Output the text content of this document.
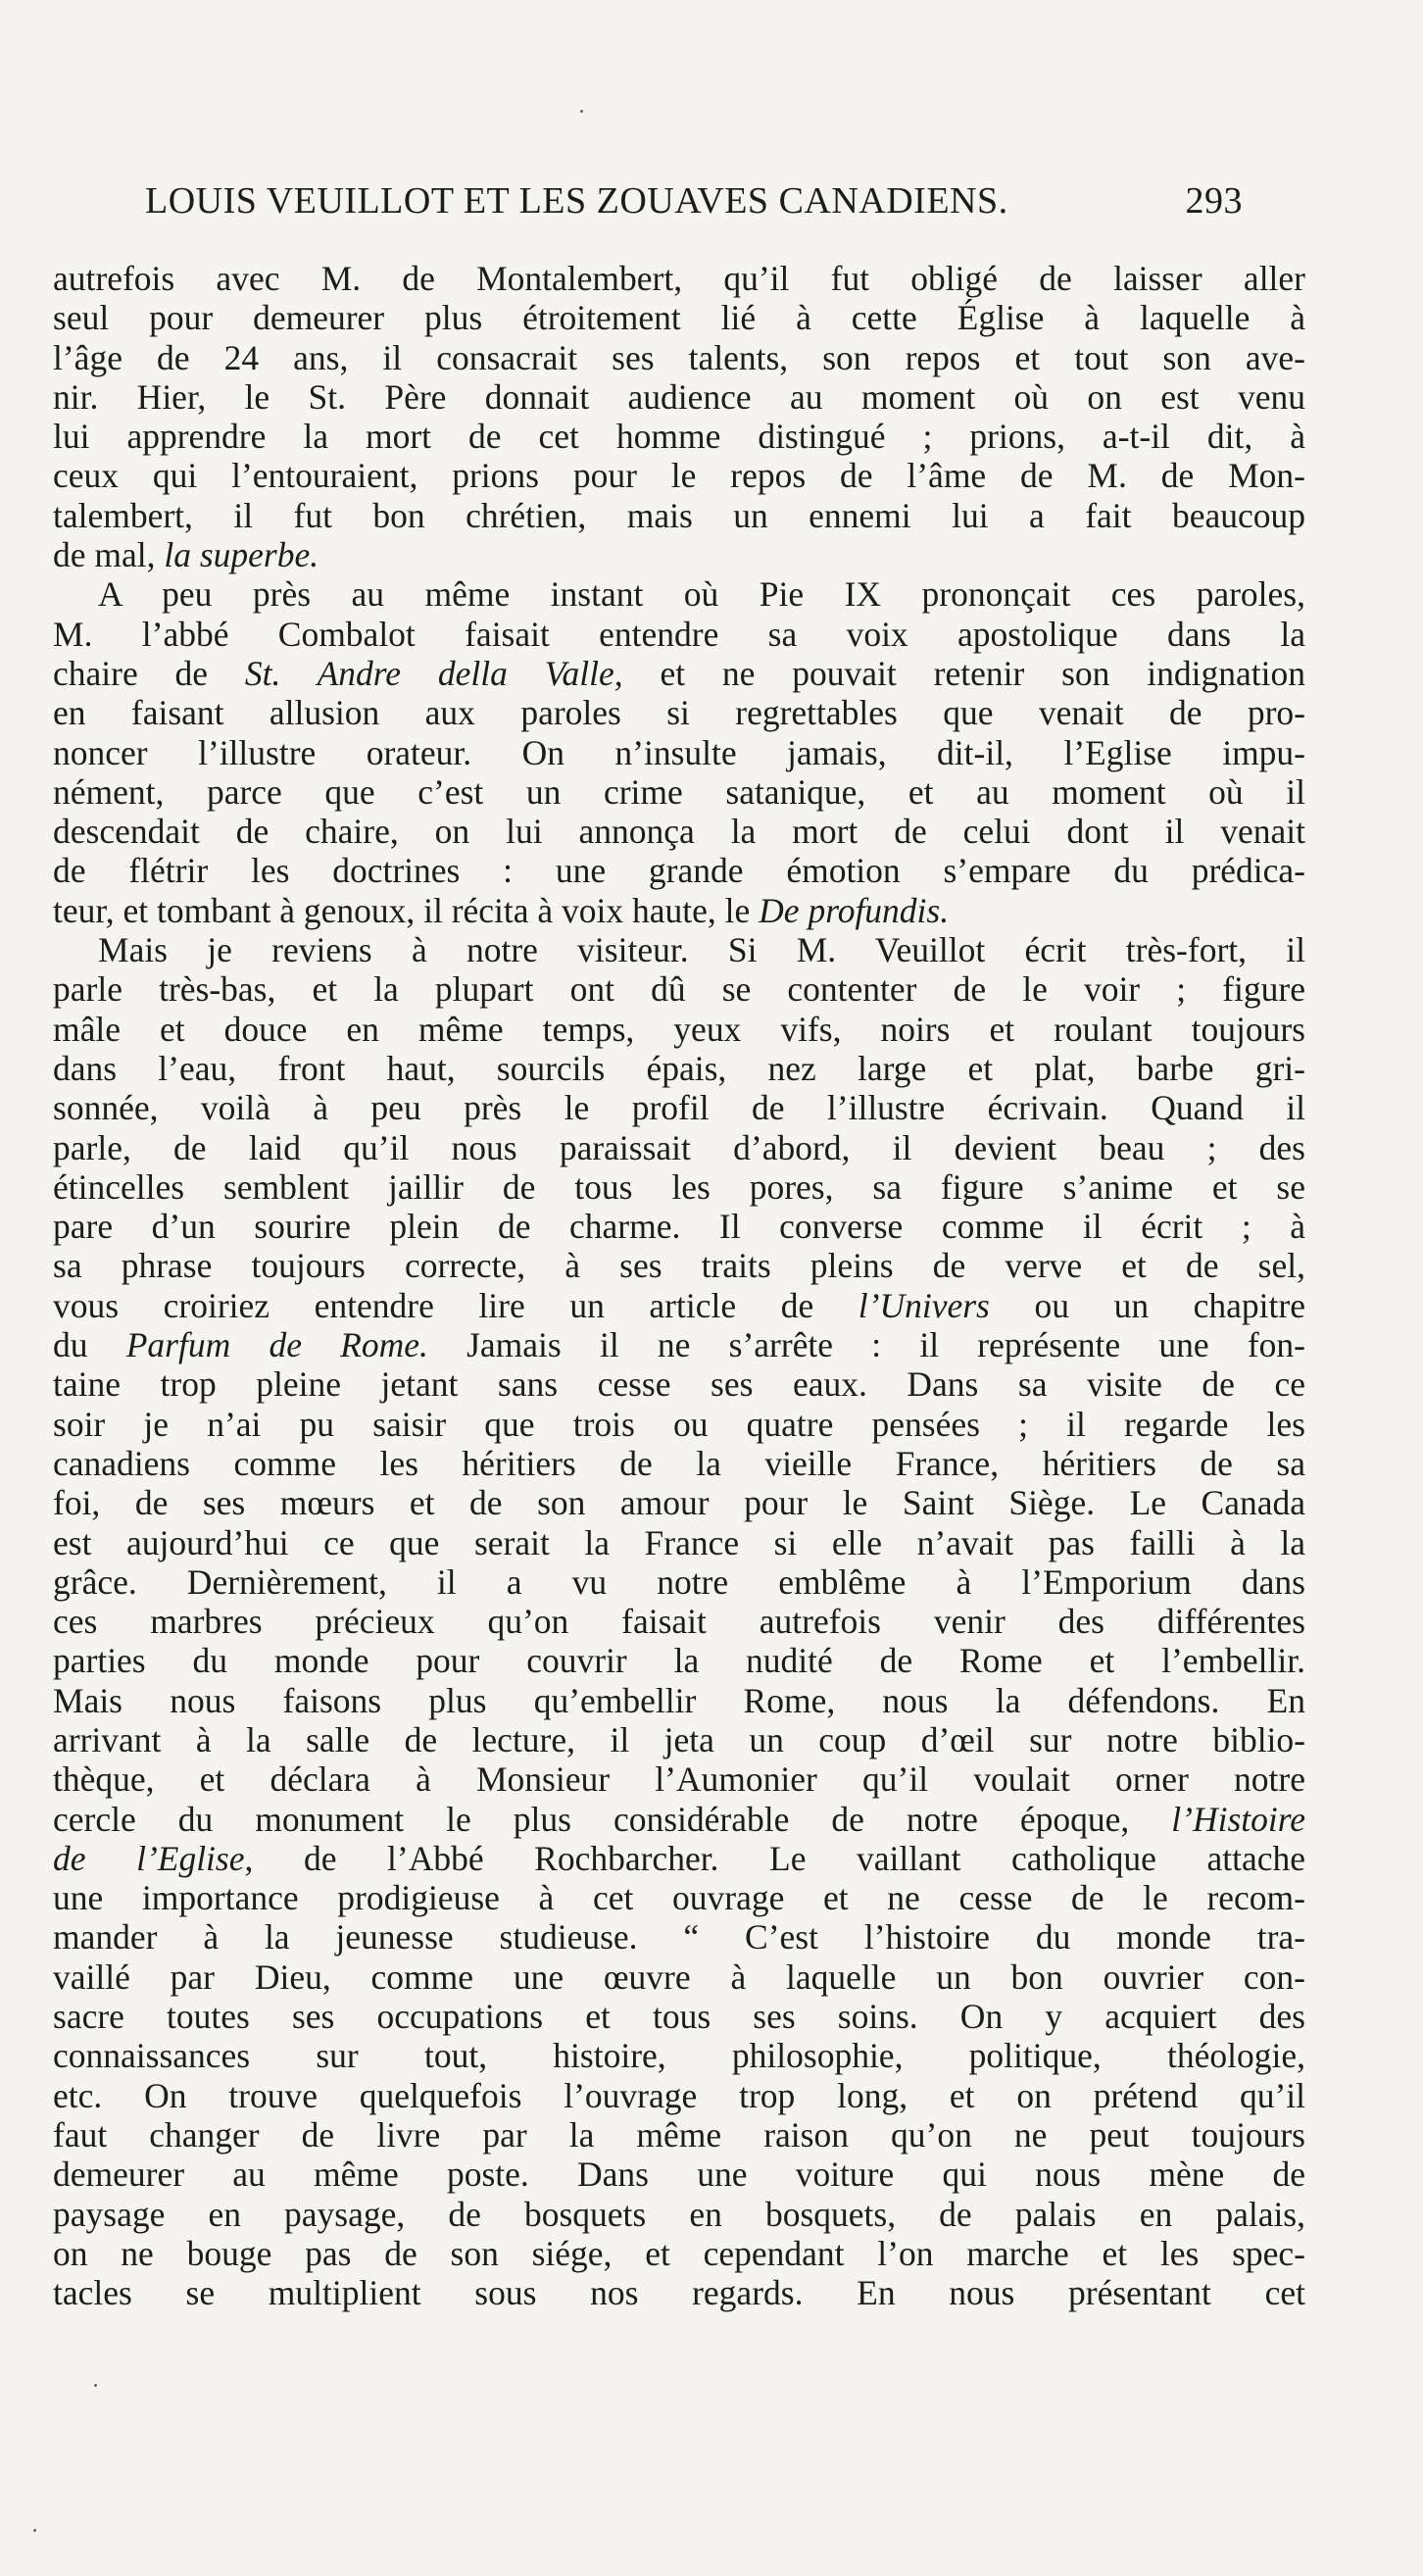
LOUIS VEUILLOT ET LES ZOUAVES CANADIENS.	293
autrefois avec M. de Montalembert, qu’il fut obligé de laisser aller
seul pour demeurer plus étroitement lié à cette Église à laquelle à
l’âge de 24 ans, il consacrait ses talents, son repos et tout son ave-
nir. Hier, le St. Père donnait audience au moment où on est venu
lui apprendre la mort de cet homme distingué ; prions, a-t-il dit, à
ceux qui l’entouraient, prions pour le repos de l’âme de M. de Mon-
talembert, il fut bon chrétien, mais un ennemi lui a fait beaucoup
de mal, la superbe.
A peu près au même instant où Pie IX prononçait ces paroles,
M. l’abbé Combalot faisait entendre sa voix apostolique dans la
chaire de St. Andre della Valle, et ne pouvait retenir son indignation
en faisant allusion aux paroles si regrettables que venait de pro-
noncer l’illustre orateur. On n’insulte jamais, dit-il, l’Eglise impu-
nément, parce que c’est un crime satanique, et au moment où il
descendait de chaire, on lui annonça la mort de celui dont il venait
de flétrir les doctrines : une grande émotion s’empare du prédica-
teur, et tombant à genoux, il récita à voix haute, le De profundis.
Mais je reviens à notre visiteur. Si M. Veuillot écrit très-fort, il
parle très-bas, et la plupart ont dû se contenter de le voir ; figure
mâle et douce en même temps, yeux vifs, noirs et roulant toujours
dans l’eau, front haut, sourcils épais, nez large et plat, barbe gri-
sonnée, voilà à peu près le profil de l’illustre écrivain. Quand il
parle, de laid qu’il nous paraissait d’abord, il devient beau ; des
étincelles semblent jaillir de tous les pores, sa figure s’anime et se
pare d’un sourire plein de charme. Il converse comme il écrit ; à
sa phrase toujours correcte, à ses traits pleins de verve et de sel,
vous croiriez entendre lire un article de l’Univers ou un chapitre
du Parfum de Rome. Jamais il ne s’arrête : il représente une fon-
taine trop pleine jetant sans cesse ses eaux. Dans sa visite de ce
soir je n’ai pu saisir que trois ou quatre pensées ; il regarde les
canadiens comme les héritiers de la vieille France, héritiers de sa
foi, de ses mœurs et de son amour pour le Saint Siège. Le Canada
est aujourd’hui ce que serait la France si elle n’avait pas failli à la
grâce. Dernièrement, il a vu notre emblême à l’Emporium dans
ces marbres précieux qu’on faisait autrefois venir des différentes
parties du monde pour couvrir la nudité de Rome et l’embellir.
Mais nous faisons plus qu’embellir Rome, nous la défendons. En
arrivant à la salle de lecture, il jeta un coup d’œil sur notre biblio-
thèque, et déclara à Monsieur l’Aumonier qu’il voulait orner notre
cercle du monument le plus considérable de notre époque, l’Histoire
de l’Eglise, de l’Abbé Rochbarcher. Le vaillant catholique attache
une importance prodigieuse à cet ouvrage et ne cesse de le recom-
mander à la jeunesse studieuse. “ C’est l’histoire du monde tra-
vaillé par Dieu, comme une œuvre à laquelle un bon ouvrier con-
sacre toutes ses occupations et tous ses soins. On y acquiert des
connaissances sur tout, histoire, philosophie, politique, théologie,
etc. On trouve quelquefois l’ouvrage trop long, et on prétend qu’il
faut changer de livre par la même raison qu’on ne peut toujours
demeurer au même poste. Dans une voiture qui nous mène de
paysage en paysage, de bosquets en bosquets, de palais en palais,
on ne bouge pas de son siége, et cependant l’on marche et les spec-
tacles se multiplient sous nos regards. En nous présentant cet
